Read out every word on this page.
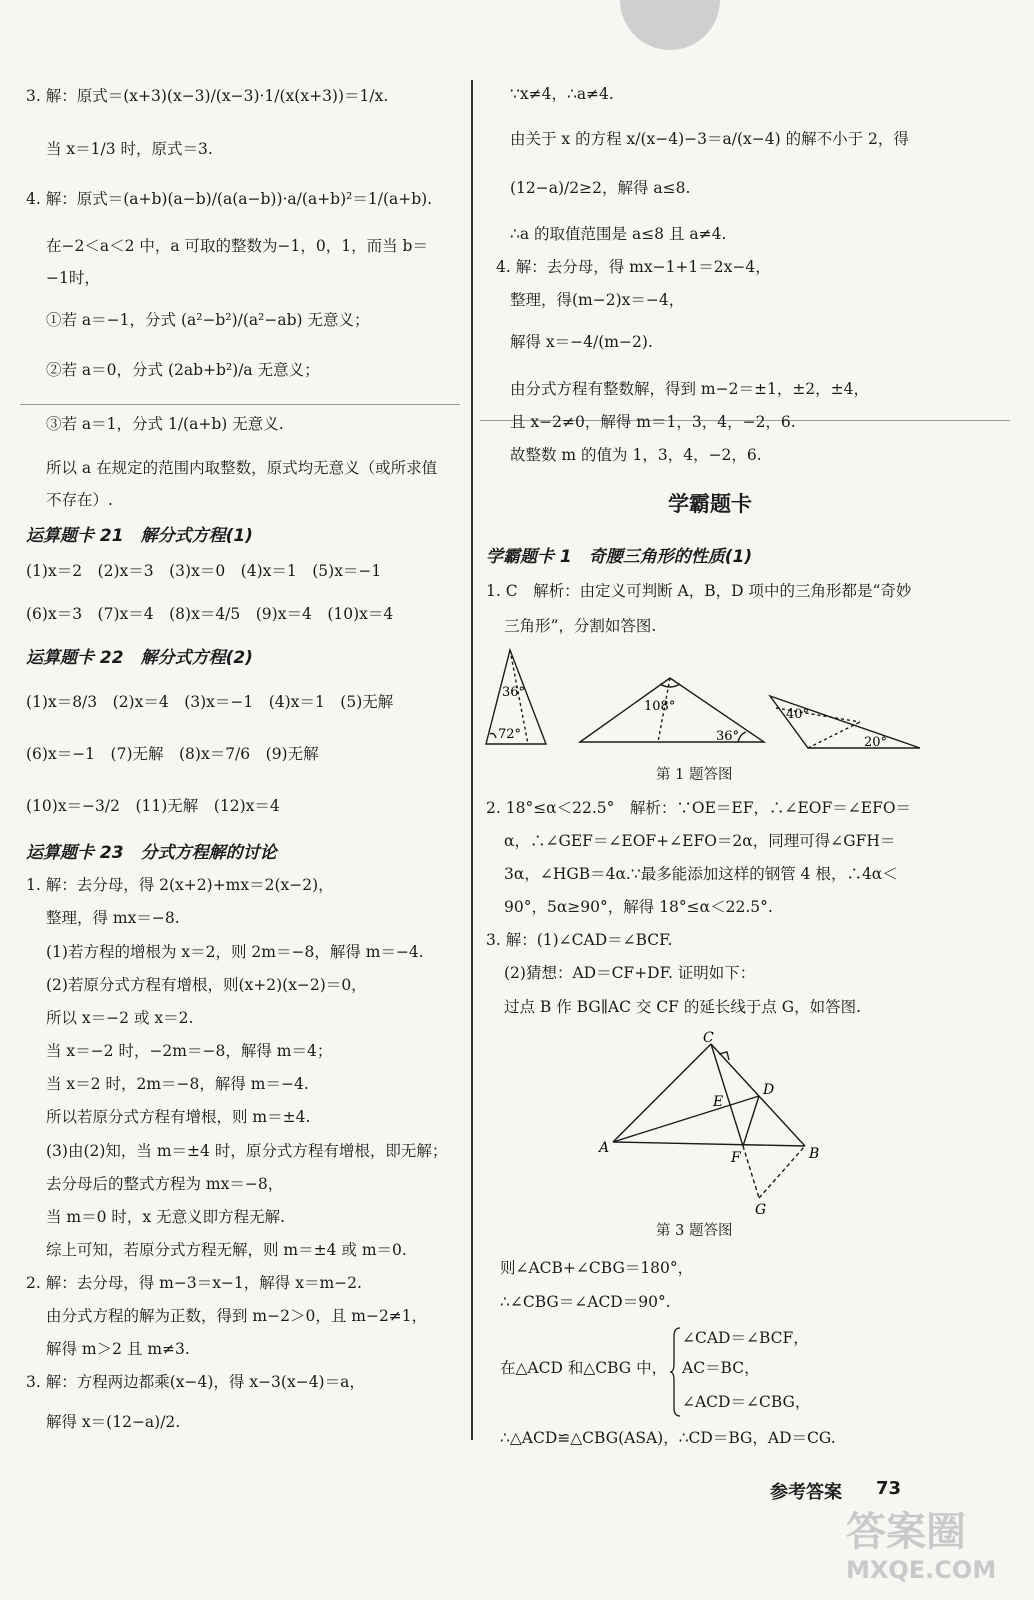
3. 解：原式＝(x+3)(x−3)/(x−3)·1/(x(x+3))＝1/x.
当 x＝1/3 时，原式＝3.
4. 解：原式＝(a+b)(a−b)/(a(a−b))·a/(a+b)²＝1/(a+b).
在−2＜a＜2 中，a 可取的整数为−1，0，1，而当 b＝
−1时，
①若 a＝−1，分式 (a²−b²)/(a²−ab) 无意义；
②若 a＝0，分式 (2ab+b²)/a 无意义；
③若 a＝1，分式 1/(a+b) 无意义.
所以 a 在规定的范围内取整数，原式均无意义（或所求值
不存在）.
运算题卡 21　解分式方程(1)
(1)x＝2　(2)x＝3　(3)x＝0　(4)x＝1　(5)x＝−1
(6)x＝3　(7)x＝4　(8)x＝4/5　(9)x＝4　(10)x＝4
运算题卡 22　解分式方程(2)
(1)x＝8/3　(2)x＝4　(3)x＝−1　(4)x＝1　(5)无解
(6)x＝−1　(7)无解　(8)x＝7/6　(9)无解
(10)x＝−3/2　(11)无解　(12)x＝4
运算题卡 23　分式方程解的讨论
1. 解：去分母，得 2(x+2)+mx＝2(x−2)，
整理，得 mx＝−8.
(1)若方程的增根为 x＝2，则 2m＝−8，解得 m＝−4.
(2)若原分式方程有增根，则(x+2)(x−2)＝0，
所以 x＝−2 或 x＝2.
当 x＝−2 时，−2m＝−8，解得 m＝4；
当 x＝2 时，2m＝−8，解得 m＝−4.
所以若原分式方程有增根，则 m＝±4.
(3)由(2)知，当 m＝±4 时，原分式方程有增根，即无解；
去分母后的整式方程为 mx＝−8，
当 m＝0 时，x 无意义即方程无解.
综上可知，若原分式方程无解，则 m＝±4 或 m＝0.
2. 解：去分母，得 m−3＝x−1，解得 x＝m−2.
由分式方程的解为正数，得到 m−2＞0，且 m−2≠1，
解得 m＞2 且 m≠3.
3. 解：方程两边都乘(x−4)，得 x−3(x−4)＝a，
解得 x＝(12−a)/2.
∵x≠4，∴a≠4.
由关于 x 的方程 x/(x−4)−3＝a/(x−4) 的解不小于 2，得
(12−a)/2≥2，解得 a≤8.
∴a 的取值范围是 a≤8 且 a≠4.
4. 解：去分母，得 mx−1+1＝2x−4，
整理，得(m−2)x＝−4，
解得 x＝−4/(m−2).
由分式方程有整数解，得到 m−2＝±1，±2，±4，
且 x−2≠0，解得 m＝1，3，4，−2，6.
故整数 m 的值为 1，3，4，−2，6.
学霸题卡
学霸题卡 1　奇腰三角形的性质(1)
1. C　解析：由定义可判断 A，B，D 项中的三角形都是“奇妙
三角形”，分割如答图.
第 1 题答图
2. 18°≤α＜22.5°　解析：∵OE＝EF，∴∠EOF＝∠EFO＝
α，∴∠GEF＝∠EOF+∠EFO＝2α，同理可得∠GFH＝
3α，∠HGB＝4α.∵最多能添加这样的钢管 4 根，∴4α＜
90°，5α≥90°，解得 18°≤α＜22.5°.
3. 解：(1)∠CAD＝∠BCF.
(2)猜想：AD＝CF+DF. 证明如下：
过点 B 作 BG∥AC 交 CF 的延长线于点 G，如答图.
第 3 题答图
则∠ACB+∠CBG＝180°，
∴∠CBG＝∠ACD＝90°.
∠CAD＝∠BCF，
在△ACD 和△CBG 中， AC＝BC，
∠ACD＝∠CBG，
∴△ACD≌△CBG(ASA)，∴CD＝BG，AD＝CG.
36°
72°
108°
36°
40°
20°
C
D
E
A
F	B
G
参考答案 73
答案圈
MXQE.COM
